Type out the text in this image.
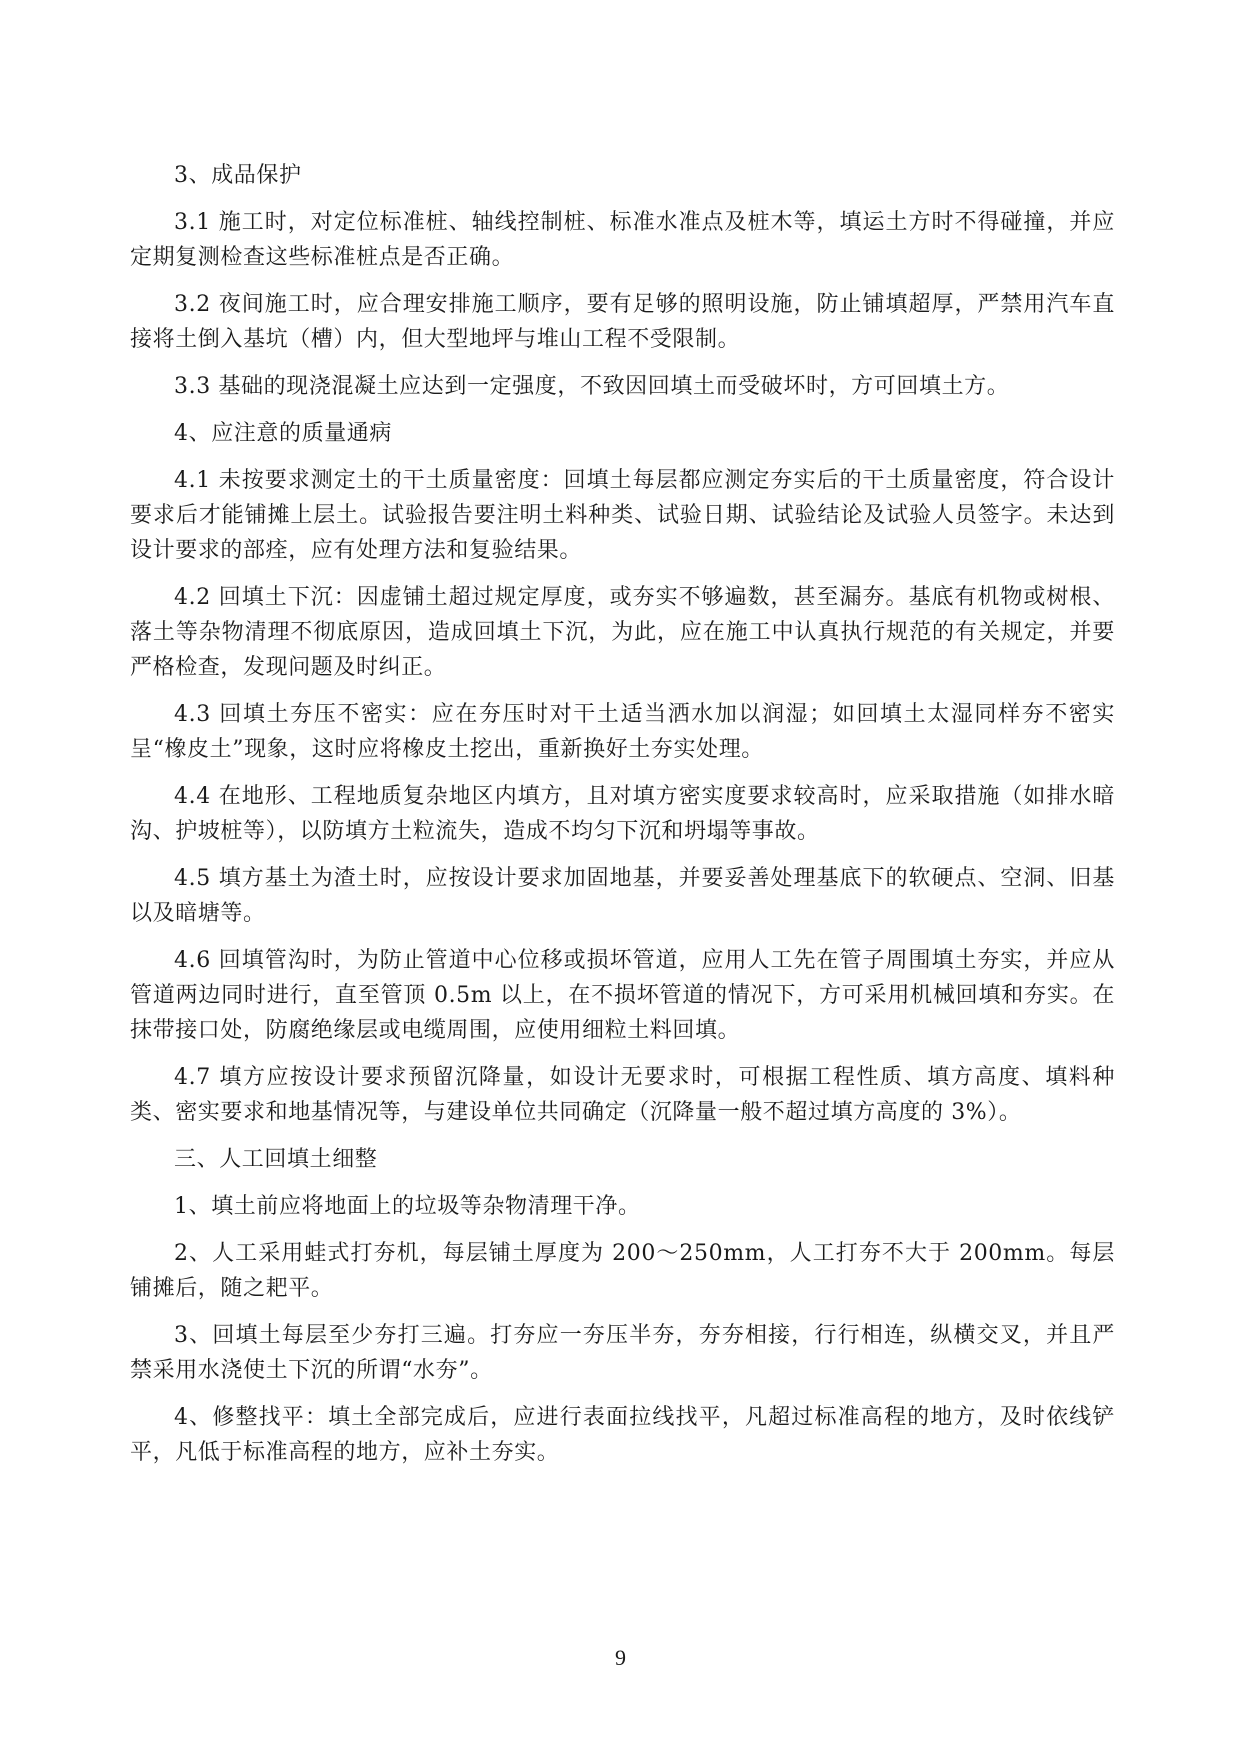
3、成品保护

3.1 施工时，对定位标准桩、轴线控制桩、标准水准点及桩木等，填运土方时不得碰撞，并应定期复测检查这些标准桩点是否正确。

3.2 夜间施工时，应合理安排施工顺序，要有足够的照明设施，防止铺填超厚，严禁用汽车直接将土倒入基坑（槽）内，但大型地坪与堆山工程不受限制。

3.3 基础的现浇混凝土应达到一定强度，不致因回填土而受破坏时，方可回填土方。

4、应注意的质量通病

4.1 未按要求测定土的干土质量密度：回填土每层都应测定夯实后的干土质量密度，符合设计要求后才能铺摊上层土。试验报告要注明土料种类、试验日期、试验结论及试验人员签字。未达到设计要求的部痊，应有处理方法和复验结果。

4.2 回填土下沉：因虚铺土超过规定厚度，或夯实不够遍数，甚至漏夯。基底有机物或树根、落土等杂物清理不彻底原因，造成回填土下沉，为此，应在施工中认真执行规范的有关规定，并要严格检查，发现问题及时纠正。

4.3 回填土夯压不密实：应在夯压时对干土适当洒水加以润湿；如回填土太湿同样夯不密实呈“橡皮土”现象，这时应将橡皮土挖出，重新换好土夯实处理。

4.4 在地形、工程地质复杂地区内填方，且对填方密实度要求较高时，应采取措施（如排水暗沟、护坡桩等），以防填方土粒流失，造成不均匀下沉和坍塌等事故。

4.5 填方基土为渣土时，应按设计要求加固地基，并要妥善处理基底下的软硬点、空洞、旧基以及暗塘等。

4.6 回填管沟时，为防止管道中心位移或损坏管道，应用人工先在管子周围填土夯实，并应从管道两边同时进行，直至管顶 0.5m 以上，在不损坏管道的情况下，方可采用机械回填和夯实。在抹带接口处，防腐绝缘层或电缆周围，应使用细粒土料回填。

4.7 填方应按设计要求预留沉降量，如设计无要求时，可根据工程性质、填方高度、填料种类、密实要求和地基情况等，与建设单位共同确定（沉降量一般不超过填方高度的 3%）。

三、人工回填土细整

1、填土前应将地面上的垃圾等杂物清理干净。

2、人工采用蛙式打夯机，每层铺土厚度为 200～250mm，人工打夯不大于 200mm。每层铺摊后，随之耙平。

3、回填土每层至少夯打三遍。打夯应一夯压半夯，夯夯相接，行行相连，纵横交叉，并且严禁采用水浇使土下沉的所谓“水夯”。

4、修整找平：填土全部完成后，应进行表面拉线找平，凡超过标准高程的地方，及时依线铲平，凡低于标准高程的地方，应补土夯实。

9
